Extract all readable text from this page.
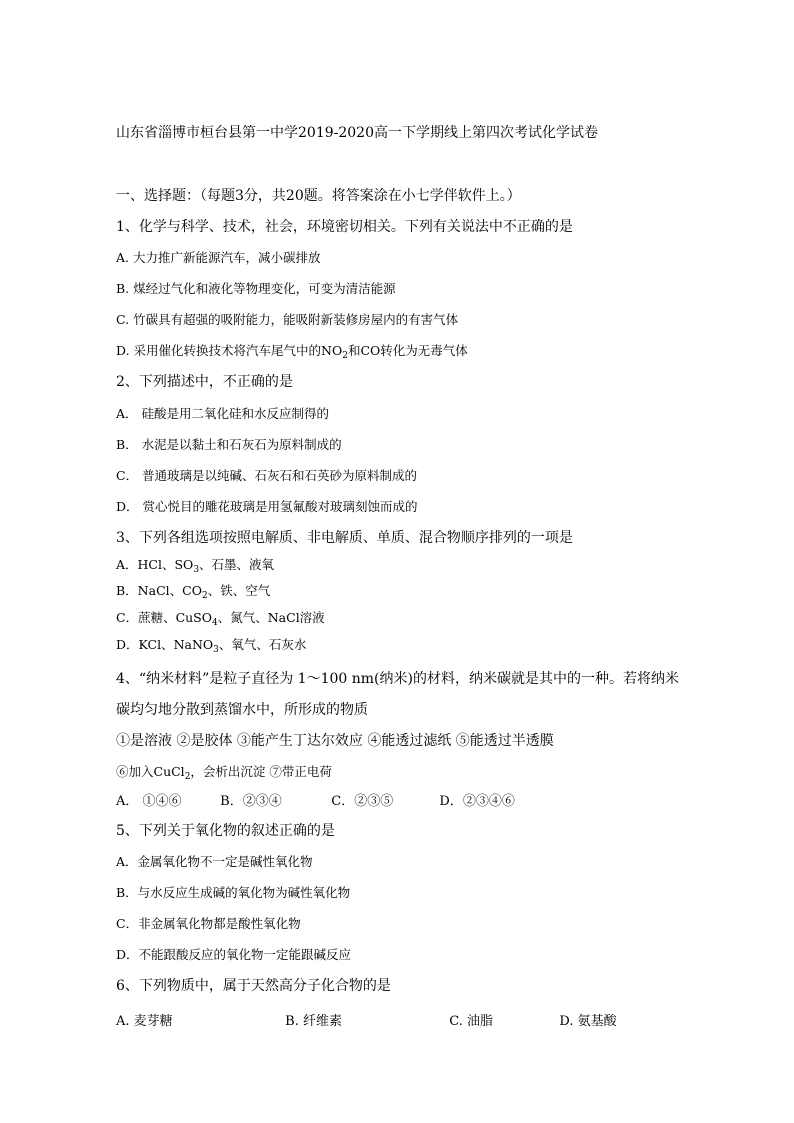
山东省淄博市桓台县第一中学2019-2020高一下学期线上第四次考试化学试卷
一、选择题：（每题3分，共20题。将答案涂在小七学伴软件上。）
1、化学与科学、技术，社会，环境密切相关。下列有关说法中不正确的是
A. 大力推广新能源汽车，减小碳排放
B. 煤经过气化和液化等物理变化，可变为清洁能源
C. 竹碳具有超强的吸附能力，能吸附新装修房屋内的有害气体
D. 采用催化转换技术将汽车尾气中的$NO_2$和CO转化为无毒气体
2、下列描述中，不正确的是
A． 硅酸是用二氧化硅和水反应制得的
B． 水泥是以黏土和石灰石为原料制成的
C． 普通玻璃是以纯碱、石灰石和石英砂为原料制成的
D． 赏心悦目的雕花玻璃是用氢氟酸对玻璃刻蚀而成的
3、下列各组选项按照电解质、非电解质、单质、混合物顺序排列的一项是
A．HCl、$SO_3$、石墨、液氧
B．NaCl、$CO_2$、铁、空气
C．蔗糖、CuSO$_4$、氮气、NaCl溶液
D．KCl、NaNO$_3$、氧气、石灰水
4、“纳米材料”是粒子直径为 1～100 nm(纳米)的材料，纳米碳就是其中的一种。若将纳米
碳均匀地分散到蒸馏水中，所形成的物质
①是溶液 ②是胶体 ③能产生丁达尔效应 ④能透过滤纸 ⑤能透过半透膜
⑥加入CuCl$_2$，会析出沉淀 ⑦带正电荷
A． ①④⑥	B．②③④	C．②③⑤	D．②③④⑥
5、下列关于氧化物的叙述正确的是
A．金属氧化物不一定是碱性氧化物
B．与水反应生成碱的氧化物为碱性氧化物
C．非金属氧化物都是酸性氧化物
D．不能跟酸反应的氧化物一定能跟碱反应
6、下列物质中，属于天然高分子化合物的是
A. 麦芽糖	B. 纤维素	C. 油脂	D. 氨基酸
